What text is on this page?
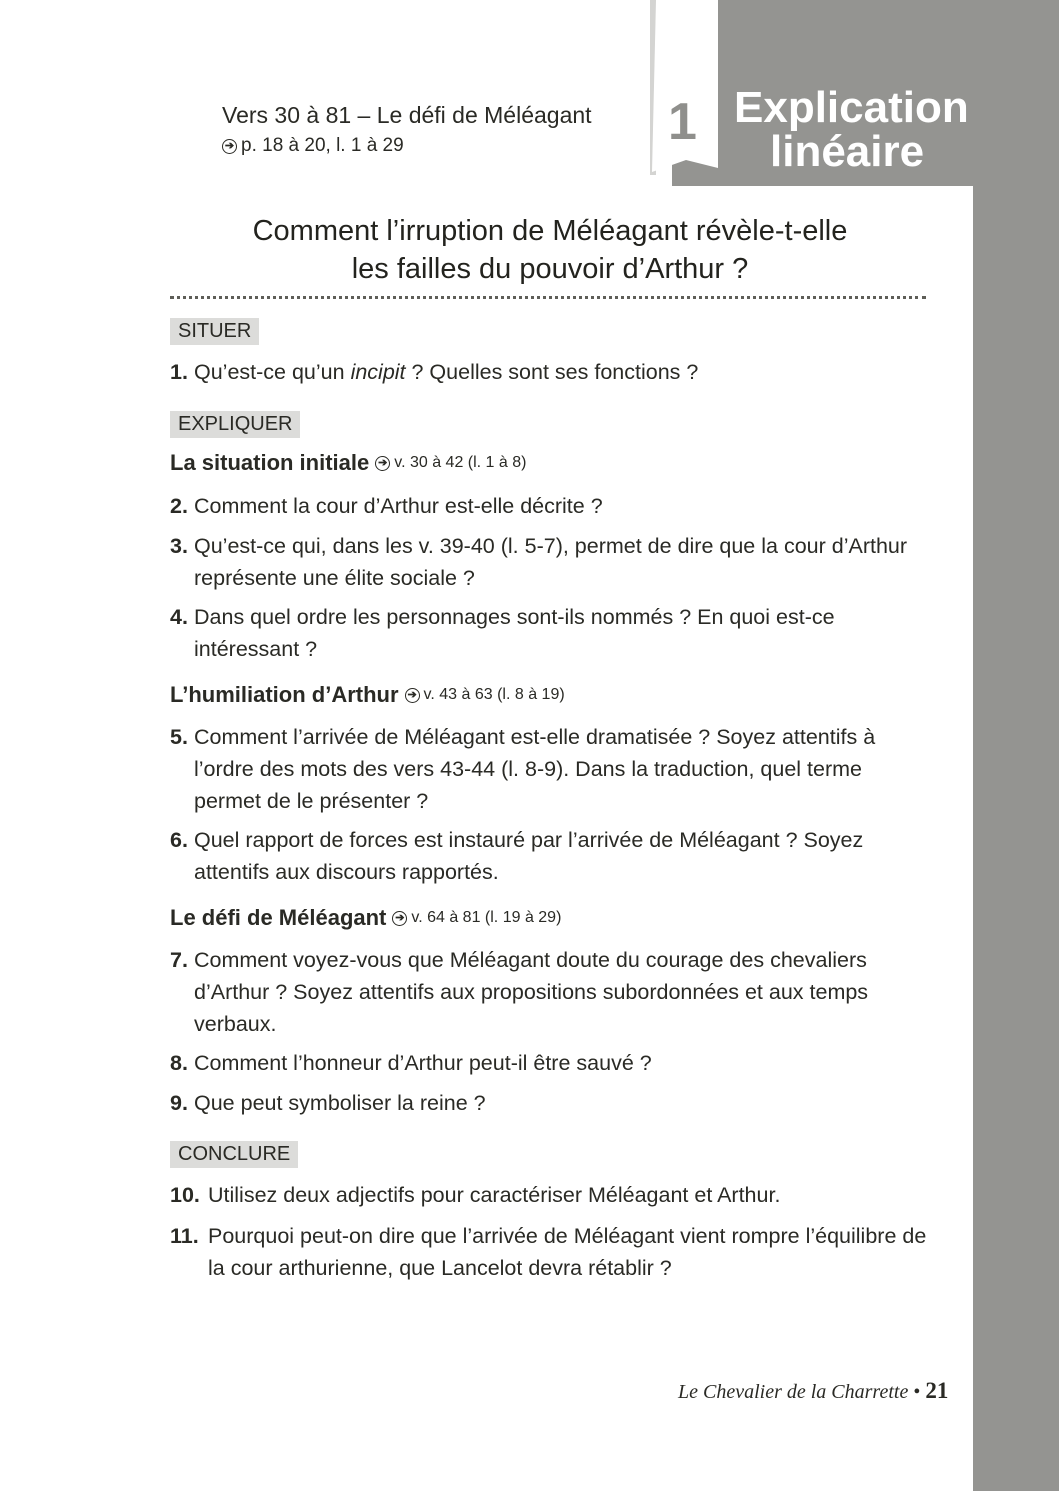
1 Explication
linéaire
Vers 30 à 81 – Le défi de Méléagant
➔ p. 18 à 20, l. 1 à 29
Comment l’irruption de Méléagant révèle-t-elle
les failles du pouvoir d’Arthur ?
SITUER
1. Qu’est-ce qu’un incipit ? Quelles sont ses fonctions ?
EXPLIQUER
La situation initiale ➔ v. 30 à 42 (l. 1 à 8)
2. Comment la cour d’Arthur est-elle décrite ?
3. Qu’est-ce qui, dans les v. 39-40 (l. 5-7), permet de dire que la cour d’Arthur représente une élite sociale ?
4. Dans quel ordre les personnages sont-ils nommés ? En quoi est-ce intéressant ?
L’humiliation d’Arthur ➔ v. 43 à 63 (l. 8 à 19)
5. Comment l’arrivée de Méléagant est-elle dramatisée ? Soyez attentifs à l’ordre des mots des vers 43-44 (l. 8-9). Dans la traduction, quel terme permet de le présenter ?
6. Quel rapport de forces est instauré par l’arrivée de Méléagant ? Soyez attentifs aux discours rapportés.
Le défi de Méléagant ➔ v. 64 à 81 (l. 19 à 29)
7. Comment voyez-vous que Méléagant doute du courage des chevaliers d’Arthur ? Soyez attentifs aux propositions subordonnées et aux temps verbaux.
8. Comment l’honneur d’Arthur peut-il être sauvé ?
9. Que peut symboliser la reine ?
CONCLURE
10. Utilisez deux adjectifs pour caractériser Méléagant et Arthur.
11. Pourquoi peut-on dire que l’arrivée de Méléagant vient rompre l’équilibre de la cour arthurienne, que Lancelot devra rétablir ?
Le Chevalier de la Charrette • 21
